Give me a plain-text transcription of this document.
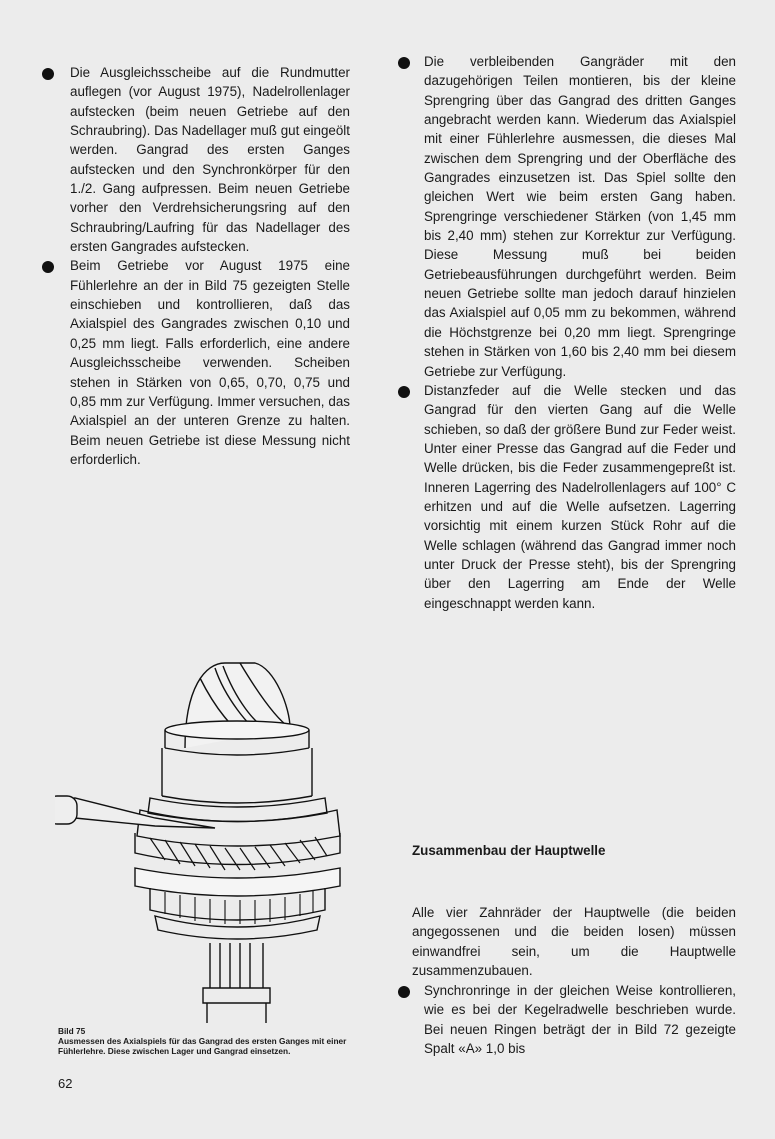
Die Ausgleichsscheibe auf die Rundmutter auflegen (vor August 1975), Nadelrollenlager aufstecken (beim neuen Getriebe auf den Schraubring). Das Nadellager muß gut eingeölt werden. Gangrad des ersten Ganges aufstecken und den Synchronkörper für den 1./2. Gang aufpressen. Beim neuen Getriebe vorher den Verdrehsicherungsring auf den Schraubring/Laufring für das Nadellager des ersten Gangrades aufstecken.

Beim Getriebe vor August 1975 eine Fühlerlehre an der in Bild 75 gezeigten Stelle einschieben und kontrollieren, daß das Axialspiel des Gangrades zwischen 0,10 und 0,25 mm liegt. Falls erforderlich, eine andere Ausgleichsscheibe verwenden. Scheiben stehen in Stärken von 0,65, 0,70, 0,75 und 0,85 mm zur Verfügung. Immer versuchen, das Axialspiel an der unteren Grenze zu halten. Beim neuen Getriebe ist diese Messung nicht erforderlich.

Die verbleibenden Gangräder mit den dazugehörigen Teilen montieren, bis der kleine Sprengring über das Gangrad des dritten Ganges angebracht werden kann. Wiederum das Axialspiel mit einer Fühlerlehre ausmessen, die dieses Mal zwischen dem Sprengring und der Oberfläche des Gangrades einzusetzen ist. Das Spiel sollte den gleichen Wert wie beim ersten Gang haben. Sprengringe verschiedener Stärken (von 1,45 mm bis 2,40 mm) stehen zur Korrektur zur Verfügung. Diese Messung muß bei beiden Getriebeausführungen durchgeführt werden. Beim neuen Getriebe sollte man jedoch darauf hinzielen das Axialspiel auf 0,05 mm zu bekommen, während die Höchstgrenze bei 0,20 mm liegt. Sprengringe stehen in Stärken von 1,60 bis 2,40 mm bei diesem Getriebe zur Verfügung.

Distanzfeder auf die Welle stecken und das Gangrad für den vierten Gang auf die Welle schieben, so daß der größere Bund zur Feder weist. Unter einer Presse das Gangrad auf die Feder und Welle drücken, bis die Feder zusammengepreßt ist. Inneren Lagerring des Nadelrollenlagers auf 100° C erhitzen und auf die Welle aufsetzen. Lagerring vorsichtig mit einem kurzen Stück Rohr auf die Welle schlagen (während das Gangrad immer noch unter Druck der Presse steht), bis der Sprengring über den Lagerring am Ende der Welle eingeschnappt werden kann.

Zusammenbau der Hauptwelle
Alle vier Zahnräder der Hauptwelle (die beiden angegossenen und die beiden losen) müssen einwandfrei sein, um die Hauptwelle zusammenzubauen.

Synchronringe in der gleichen Weise kontrollieren, wie es bei der Kegelradwelle beschrieben wurde. Bei neuen Ringen beträgt der in Bild 72 gezeigte Spalt «A» 1,0 bis

Bild 75
Ausmessen des Axialspiels für das Gangrad des ersten Ganges mit einer Fühlerlehre. Diese zwischen Lager und Gangrad einsetzen.
62
